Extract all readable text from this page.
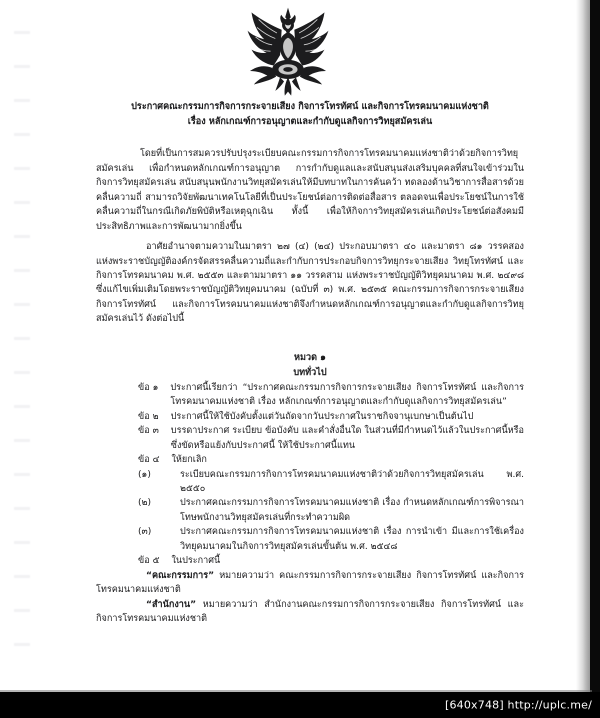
ประกาศคณะกรรมการกิจการกระจายเสียง กิจการโทรทัศน์ และกิจการโทรคมนาคมแห่งชาติ
เรื่อง หลักเกณฑ์การอนุญาตและกำกับดูแลกิจการวิทยุสมัครเล่น

โดยที่เป็นการสมควรปรับปรุงระเบียบคณะกรรมการกิจการโทรคมนาคมแห่งชาติว่าด้วยกิจการวิทยุสมัครเล่น เพื่อกำหนดหลักเกณฑ์การอนุญาต การกำกับดูแลและสนับสนุนส่งเสริมบุคคลที่สนใจเข้าร่วมในกิจการวิทยุสมัครเล่น สนับสนุนพนักงานวิทยุสมัครเล่นให้มีบทบาทในการค้นคว้า ทดลองด้านวิชาการสื่อสารด้วยคลื่นความถี่ สามารถวิจัยพัฒนาเทคโนโลยีที่เป็นประโยชน์ต่อการติดต่อสื่อสาร ตลอดจนเพื่อประโยชน์ในการใช้คลื่นความถี่ในกรณีเกิดภัยพิบัติหรือเหตุฉุกเฉิน ทั้งนี้ เพื่อให้กิจการวิทยุสมัครเล่นเกิดประโยชน์ต่อสังคมมีประสิทธิภาพและการพัฒนามากยิ่งขึ้น

อาศัยอำนาจตามความในมาตรา ๒๗ (๔) (๒๔) ประกอบมาตรา ๔๐ และมาตรา ๘๑ วรรคสอง แห่งพระราชบัญญัติองค์กรจัดสรรคลื่นความถี่และกำกับการประกอบกิจการวิทยุกระจายเสียง วิทยุโทรทัศน์ และกิจการโทรคมนาคม พ.ศ. ๒๕๕๓ และตามมาตรา ๑๑ วรรคสาม แห่งพระราชบัญญัติวิทยุคมนาคม พ.ศ. ๒๔๙๘ ซึ่งแก้ไขเพิ่มเติมโดยพระราชบัญญัติวิทยุคมนาคม (ฉบับที่ ๓) พ.ศ. ๒๕๓๕ คณะกรรมการกิจการกระจายเสียง กิจการโทรทัศน์ และกิจการโทรคมนาคมแห่งชาติจึงกำหนดหลักเกณฑ์การอนุญาตและกำกับดูแลกิจการวิทยุสมัครเล่นไว้ ดังต่อไปนี้

หมวด ๑
บททั่วไป
ข้อ ๑	ประกาศนี้เรียกว่า “ประกาศคณะกรรมการกิจการกระจายเสียง กิจการโทรทัศน์ และกิจการโทรคมนาคมแห่งชาติ เรื่อง หลักเกณฑ์การอนุญาตและกำกับดูแลกิจการวิทยุสมัครเล่น”
ข้อ ๒	ประกาศนี้ให้ใช้บังคับตั้งแต่วันถัดจากวันประกาศในราชกิจจานุเบกษาเป็นต้นไป
ข้อ ๓	บรรดาประกาศ ระเบียบ ข้อบังคับ และคำสั่งอื่นใด ในส่วนที่มีกำหนดไว้แล้วในประกาศนี้หรือซึ่งขัดหรือแย้งกับประกาศนี้ ให้ใช้ประกาศนี้แทน
ข้อ ๔	ให้ยกเลิก
(๑)	ระเบียบคณะกรรมการกิจการโทรคมนาคมแห่งชาติว่าด้วยกิจการวิทยุสมัครเล่น พ.ศ. ๒๕๕๐
(๒)	ประกาศคณะกรรมการกิจการโทรคมนาคมแห่งชาติ เรื่อง กำหนดหลักเกณฑ์การพิจารณาโทษพนักงานวิทยุสมัครเล่นที่กระทำความผิด
(๓)	ประกาศคณะกรรมการกิจการโทรคมนาคมแห่งชาติ เรื่อง การนำเข้า มีและการใช้เครื่องวิทยุคมนาคมในกิจการวิทยุสมัครเล่นขั้นต้น พ.ศ. ๒๕๔๘
ข้อ ๕	ในประกาศนี้

“คณะกรรมการ” หมายความว่า คณะกรรมการกิจการกระจายเสียง กิจการโทรทัศน์ และกิจการโทรคมนาคมแห่งชาติ

“สำนักงาน” หมายความว่า สำนักงานคณะกรรมการกิจการกระจายเสียง กิจการโทรทัศน์ และกิจการโทรคมนาคมแห่งชาติ

[640x748] http://uplc.me/
